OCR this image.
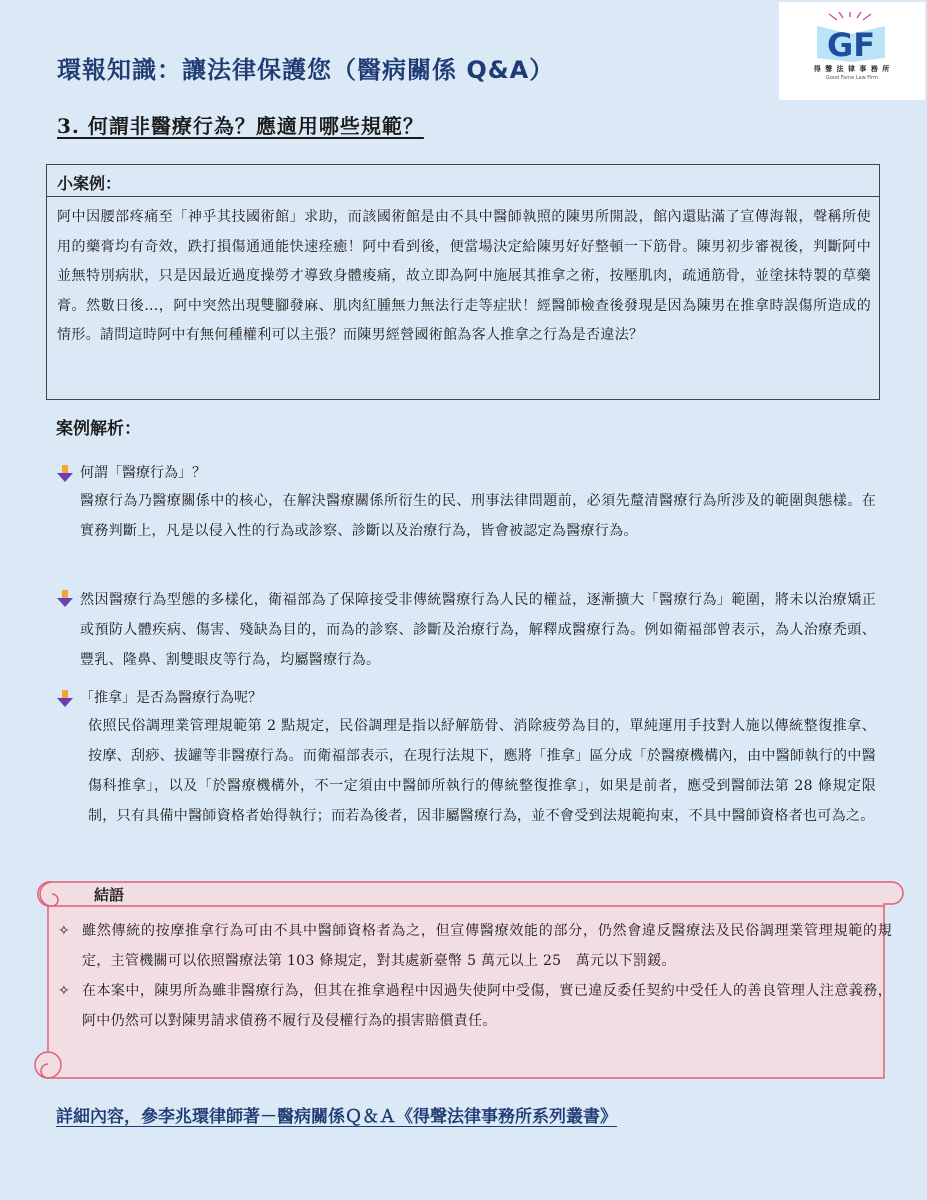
GF
得 聲 法 律 事 務 所
Good Fame Law Firm
環報知識：讓法律保護您（醫病關係 Q&A）
3. 何謂非醫療行為？應適用哪些規範？
小案例：
阿中因腰部疼痛至「神乎其技國術館」求助，而該國術館是由不具中醫師執照的陳男所開設，館內還貼滿了宣傳海報，聲稱所使用的藥膏均有奇效，跌打損傷通通能快速痊癒！阿中看到後，便當場決定給陳男好好整頓一下筋骨。陳男初步審視後，判斷阿中並無特別病狀，只是因最近過度操勞才導致身體痠痛，故立即為阿中施展其推拿之術，按壓肌肉，疏通筋骨，並塗抹特製的草藥膏。然數日後…，阿中突然出現雙腳發麻、肌肉紅腫無力無法行走等症狀！經醫師檢查後發現是因為陳男在推拿時誤傷所造成的情形。請問這時阿中有無何種權利可以主張？而陳男經營國術館為客人推拿之行為是否違法？
案例解析：
何謂「醫療行為」？
醫療行為乃醫療關係中的核心，在解決醫療關係所衍生的民、刑事法律問題前，必須先釐清醫療行為所涉及的範圍與態樣。在實務判斷上，凡是以侵入性的行為或診察、診斷以及治療行為，皆會被認定為醫療行為。
然因醫療行為型態的多樣化，衛福部為了保障接受非傳統醫療行為人民的權益，逐漸擴大「醫療行為」範圍，將未以治療矯正或預防人體疾病、傷害、殘缺為目的，而為的診察、診斷及治療行為，解釋成醫療行為。例如衛福部曾表示，為人治療禿頭、豐乳、隆鼻、割雙眼皮等行為，均屬醫療行為。
「推拿」是否為醫療行為呢？
依照民俗調理業管理規範第 2 點規定，民俗調理是指以紓解筋骨、消除疲勞為目的，單純運用手技對人施以傳統整復推拿、按摩、刮痧、拔罐等非醫療行為。而衛福部表示，在現行法規下，應將「推拿」區分成「於醫療機構內，由中醫師執行的中醫傷科推拿」，以及「於醫療機構外，不一定須由中醫師所執行的傳統整復推拿」，如果是前者，應受到醫師法第 28 條規定限制，只有具備中醫師資格者始得執行；而若為後者，因非屬醫療行為，並不會受到法規範拘束，不具中醫師資格者也可為之。
結語
✧ 雖然傳統的按摩推拿行為可由不具中醫師資格者為之，但宣傳醫療效能的部分，仍然會違反醫療法及民俗調理業管理規範的規定，主管機關可以依照醫療法第 103 條規定，對其處新臺幣 5 萬元以上 25　萬元以下罰鍰。
✧ 在本案中，陳男所為雖非醫療行為，但其在推拿過程中因過失使阿中受傷，實已違反委任契約中受任人的善良管理人注意義務，阿中仍然可以對陳男請求債務不履行及侵權行為的損害賠償責任。

詳細內容，參李兆環律師著－醫病關係Ｑ＆Ａ《得聲法律事務所系列叢書》
